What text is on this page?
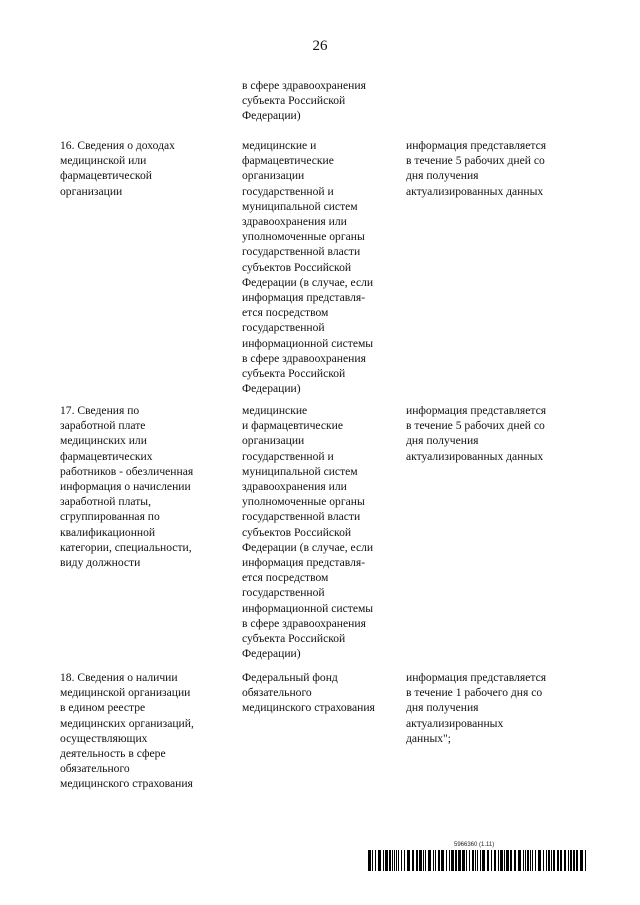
26
в сфере здравоохранения
субъекта Российской
Федерации)
16. Сведения о доходах
медицинской или
фармацевтической
организации
медицинские и
фармацевтические
организации
государственной и
муниципальной систем
здравоохранения или
уполномоченные органы
государственной власти
субъектов Российской
Федерации (в случае, если
информация представля-
ется посредством
государственной
информационной системы
в сфере здравоохранения
субъекта Российской
Федерации)
информация представляется
в течение 5 рабочих дней со
дня получения
актуализированных данных
17. Сведения по
заработной плате
медицинских или
фармацевтических
работников - обезличенная
информация о начислении
заработной платы,
сгруппированная по
квалификационной
категории, специальности,
виду должности
медицинские
и фармацевтические
организации
государственной и
муниципальной систем
здравоохранения или
уполномоченные органы
государственной власти
субъектов Российской
Федерации (в случае, если
информация представля-
ется посредством
государственной
информационной системы
в сфере здравоохранения
субъекта Российской
Федерации)
информация представляется
в течение 5 рабочих дней со
дня получения
актуализированных данных
18. Сведения о наличии
медицинской организации
в едином реестре
медицинских организаций,
осуществляющих
деятельность в сфере
обязательного
медицинского страхования
Федеральный фонд
обязательного
медицинского страхования
информация представляется
в течение 1 рабочего дня со
дня получения
актуализированных
данных";
5966360 (1.11)
